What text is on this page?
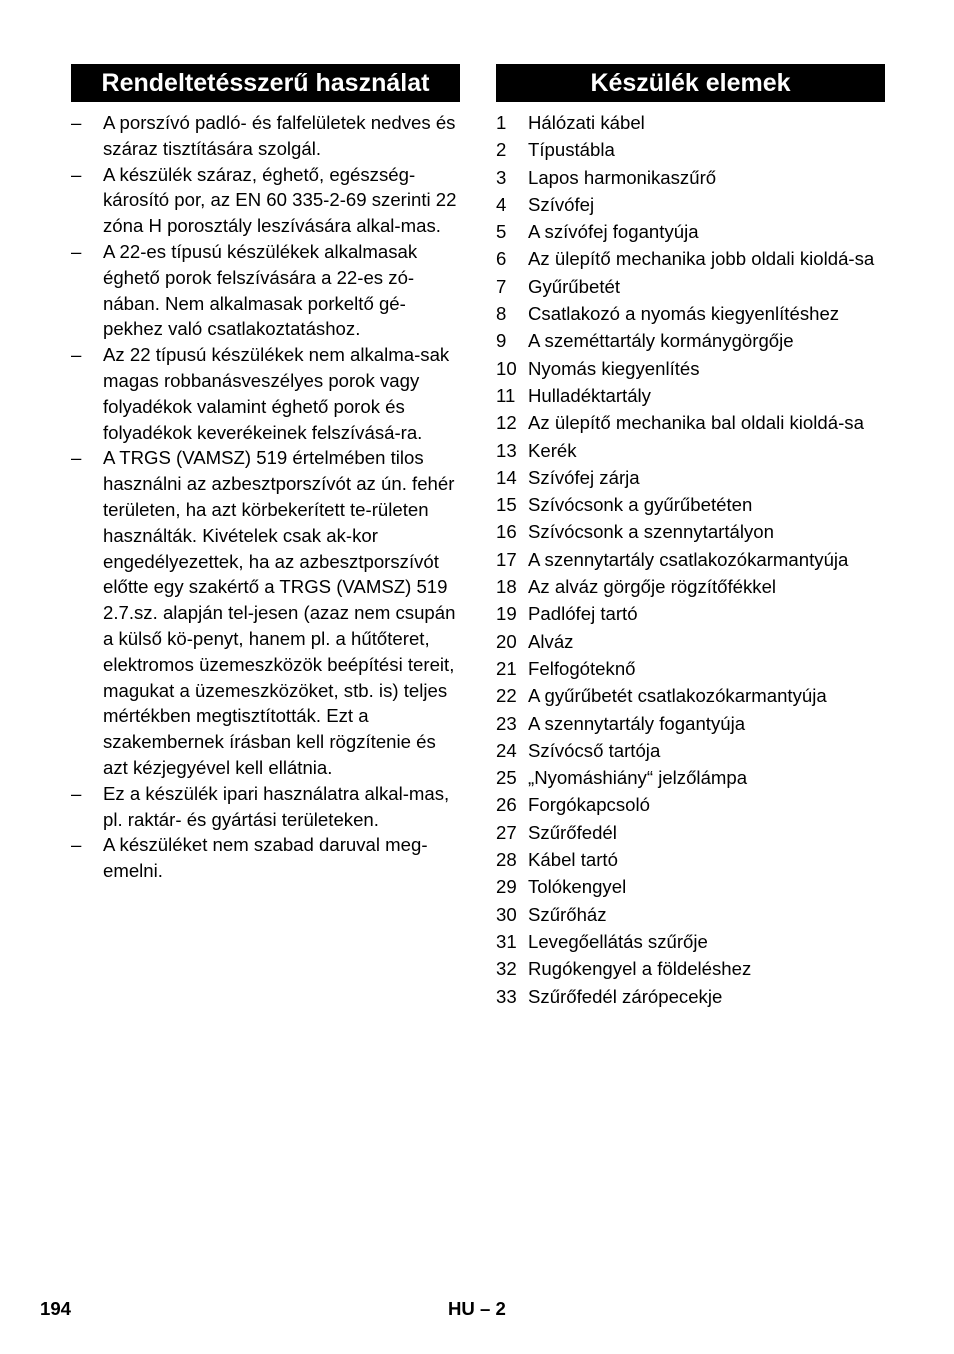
Rendeltetésszerű használat
– A porszívó padló- és falfelületek nedves és száraz tisztítására szolgál.
– A készülék száraz, éghető, egészség-károsító por, az EN 60 335-2-69 szerinti 22 zóna H porosztály leszívására alkal-mas.
– A 22-es típusú készülékek alkalmasak éghető porok felszívására a 22-es zó-nában. Nem alkalmasak porkeltő gé-pekhez való csatlakoztatáshoz.
– Az 22 típusú készülékek nem alkalma-sak magas robbanásveszélyes porok vagy folyadékok valamint éghető porok és folyadékok keverékeinek felszívásá-ra.
– A TRGS (VAMSZ) 519 értelmében tilos használni az azbesztporszívót az ún. fehér területen, ha azt körbekerített te-rületen használták. Kivételek csak ak-kor engedélyezettek, ha az azbesztporszívót előtte egy szakértő a TRGS (VAMSZ) 519 2.7.sz. alapján tel-jesen (azaz nem csupán a külső kö-penyt, hanem pl. a hűtőteret, elektromos üzemeszközök beépítési tereit, magukat a üzemeszközöket, stb. is) teljes mértékben megtisztították. Ezt a szakembernek írásban kell rögzítenie és azt kézjegyével kell ellátnia.
– Ez a készülék ipari használatra alkal-mas, pl. raktár- és gyártási területeken.
– A készüléket nem szabad daruval meg-emelni.
Készülék elemek
1 Hálózati kábel
2 Típustábla
3 Lapos harmonikaszűrő
4 Szívófej
5 A szívófej fogantyúja
6 Az ülepítő mechanika jobb oldali kioldá-sa
7 Gyűrűbetét
8 Csatlakozó a nyomás kiegyenlítéshez
9 A szeméttartály kormánygörgője
10 Nyomás kiegyenlítés
11 Hulladéktartály
12 Az ülepítő mechanika bal oldali kioldá-sa
13 Kerék
14 Szívófej zárja
15 Szívócsonk a gyűrűbetéten
16 Szívócsonk a szennytartályon
17 A szennytartály csatlakozókarmantyúja
18 Az alváz görgője rögzítőfékkel
19 Padlófej tartó
20 Alváz
21 Felfogóteknő
22 A gyűrűbetét csatlakozókarmantyúja
23 A szennytartály fogantyúja
24 Szívócső tartója
25 „Nyomáshiány“ jelzőlámpa
26 Forgókapcsoló
27 Szűrőfedél
28 Kábel tartó
29 Tolókengyel
30 Szűrőház
31 Levegőellátás szűrője
32 Rugókengyel a földeléshez
33 Szűrőfedél zárópecekje
194	HU – 2
